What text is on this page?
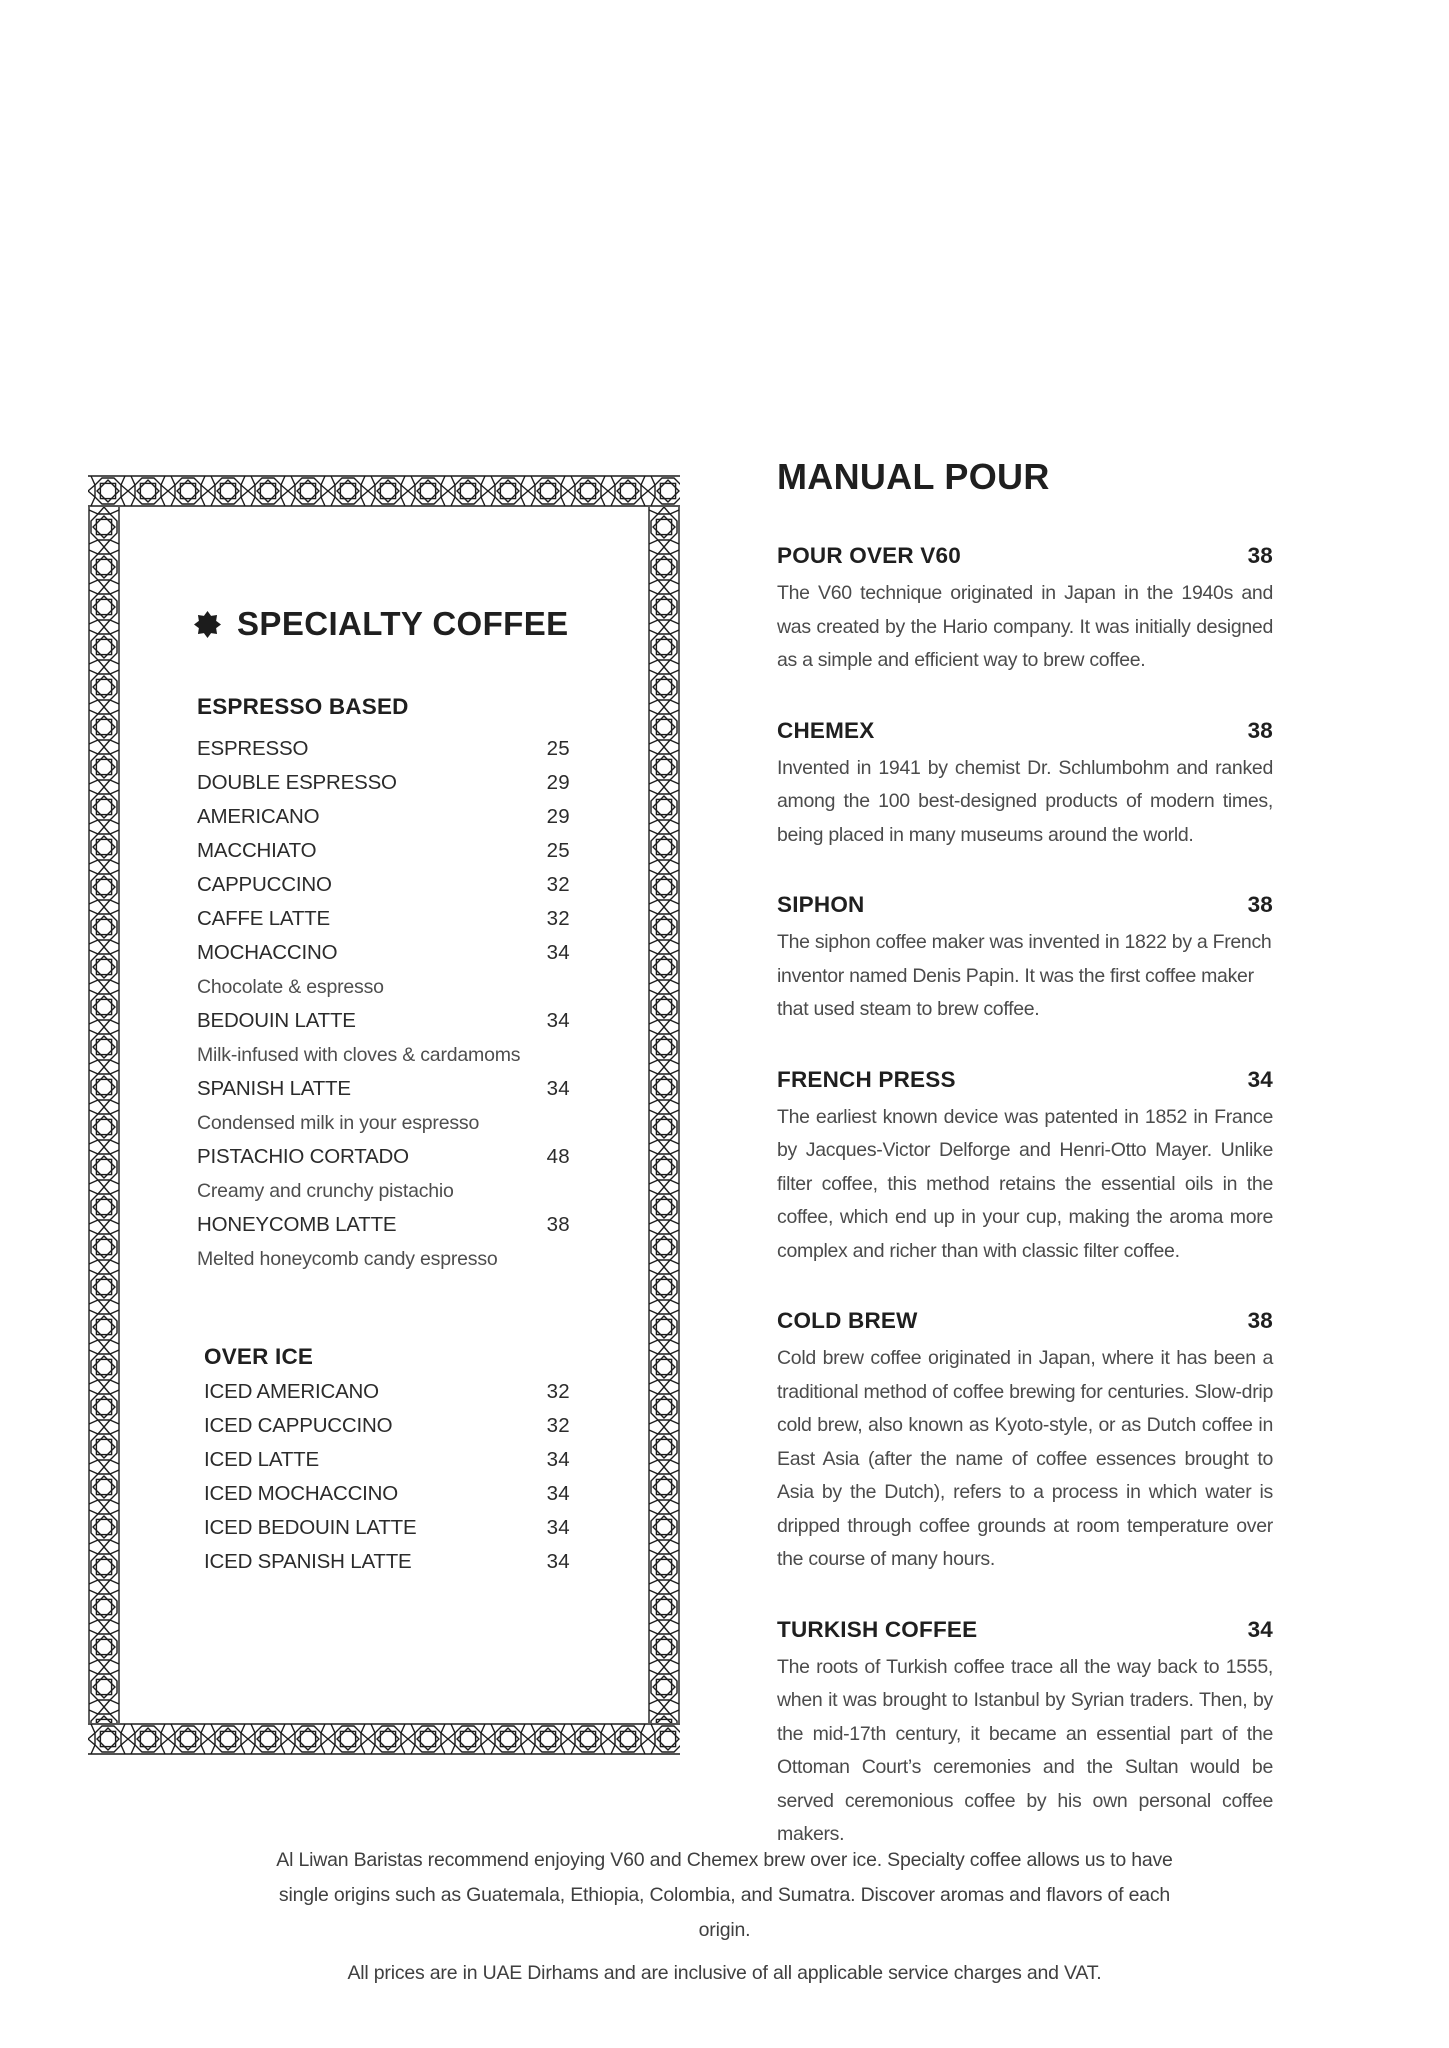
SPECIALTY COFFEE
ESPRESSO BASED
ESPRESSO	25
DOUBLE ESPRESSO	29
AMERICANO	29
MACCHIATO	25
CAPPUCCINO	32
CAFFE LATTE	32
MOCHACCINO	34
Chocolate & espresso
BEDOUIN LATTE	34
Milk-infused with cloves & cardamoms
SPANISH LATTE	34
Condensed milk in your espresso
PISTACHIO CORTADO	48
Creamy and crunchy pistachio
HONEYCOMB LATTE	38
Melted honeycomb candy espresso
OVER ICE
ICED AMERICANO	32
ICED CAPPUCCINO	32
ICED LATTE	34
ICED MOCHACCINO	34
ICED BEDOUIN LATTE	34
ICED SPANISH LATTE	34
MANUAL POUR
POUR OVER V60	38

The V60 technique originated in Japan in the 1940s and was created by the Hario company. It was initially designed as a simple and efficient way to brew coffee.

CHEMEX	38

Invented in 1941 by chemist Dr. Schlumbohm and ranked among the 100 best-designed products of modern times, being placed in many museums around the world.

SIPHON	38

The siphon coffee maker was invented in 1822 by a French inventor named Denis Papin. It was the first coffee maker that used steam to brew coffee.

FRENCH PRESS	34

The earliest known device was patented in 1852 in France by Jacques-Victor Delforge and Henri-Otto Mayer. Unlike filter coffee, this method retains the essential oils in the coffee, which end up in your cup, making the aroma more complex and richer than with classic filter coffee.

COLD BREW	38

Cold brew coffee originated in Japan, where it has been a traditional method of coffee brewing for centuries. Slow-drip cold brew, also known as Kyoto-style, or as Dutch coffee in East Asia (after the name of coffee essences brought to Asia by the Dutch), refers to a process in which water is dripped through coffee grounds at room temperature over the course of many hours.

TURKISH COFFEE	34

The roots of Turkish coffee trace all the way back to 1555, when it was brought to Istanbul by Syrian traders. Then, by the mid-17th century, it became an essential part of the Ottoman Court’s ceremonies and the Sultan would be served ceremonious coffee by his own personal coffee makers.

Al Liwan Baristas recommend enjoying V60 and Chemex brew over ice. Specialty coffee allows us to have single origins such as Guatemala, Ethiopia, Colombia, and Sumatra. Discover aromas and flavors of each origin.
All prices are in UAE Dirhams and are inclusive of all applicable service charges and VAT.
